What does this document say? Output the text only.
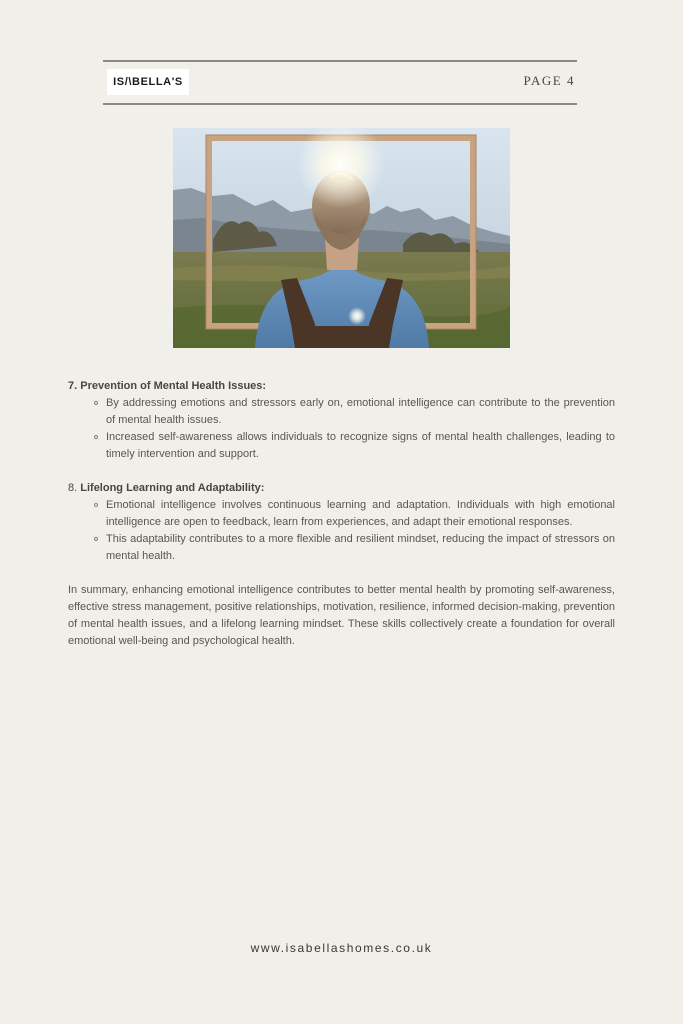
IS/\BELLA'S	PAGE 4

7. Prevention of Mental Health Issues:

By addressing emotions and stressors early on, emotional intelligence can contribute to the prevention of mental health issues.
Increased self-awareness allows individuals to recognize signs of mental health challenges, leading to timely intervention and support.

8. Lifelong Learning and Adaptability:

Emotional intelligence involves continuous learning and adaptation. Individuals with high emotional intelligence are open to feedback, learn from experiences, and adapt their emotional responses.
This adaptability contributes to a more flexible and resilient mindset, reducing the impact of stressors on mental health.

In summary, enhancing emotional intelligence contributes to better mental health by promoting self-awareness, effective stress management, positive relationships, motivation, resilience, informed decision-making, prevention of mental health issues, and a lifelong learning mindset. These skills collectively create a foundation for overall emotional well-being and psychological health.

www.isabellashomes.co.uk
